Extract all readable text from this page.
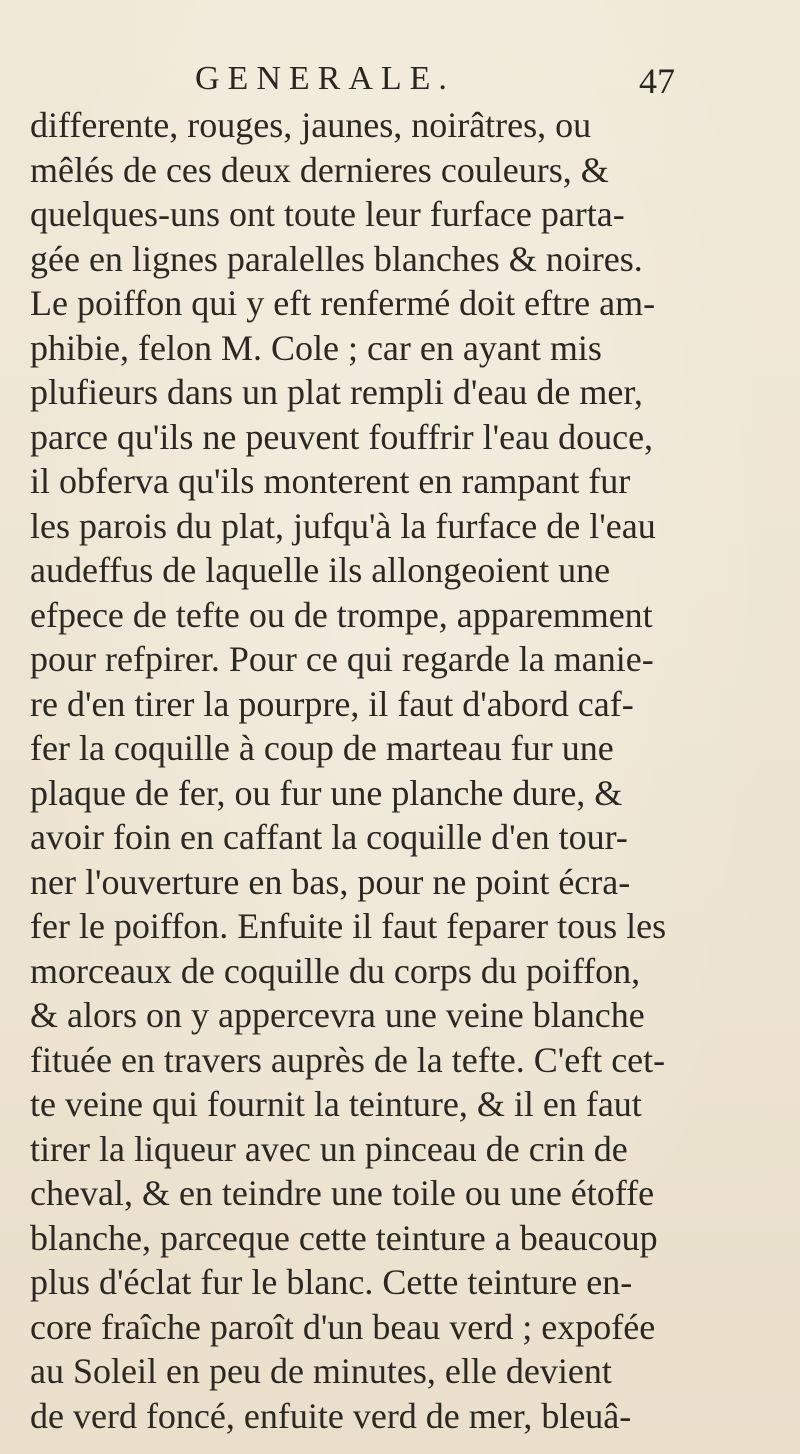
GENERALE.	47
differente, rouges, jaunes, noirâtres, ou
mêlés de ces deux dernieres couleurs, &
quelques-uns ont toute leur furface parta-
gée en lignes paralelles blanches & noires.
Le poiffon qui y eft renfermé doit eftre am-
phibie, felon M. Cole ; car en ayant mis
plufieurs dans un plat rempli d'eau de mer,
parce qu'ils ne peuvent fouffrir l'eau douce,
il obferva qu'ils monterent en rampant fur
les parois du plat, jufqu'à la furface de l'eau
audeffus de laquelle ils allongeoient une
efpece de tefte ou de trompe, apparemment
pour refpirer. Pour ce qui regarde la manie-
re d'en tirer la pourpre, il faut d'abord caf-
fer la coquille à coup de marteau fur une
plaque de fer, ou fur une planche dure, &
avoir foin en caffant la coquille d'en tour-
ner l'ouverture en bas, pour ne point écra-
fer le poiffon. Enfuite il faut feparer tous les
morceaux de coquille du corps du poiffon,
& alors on y appercevra une veine blanche
fituée en travers auprès de la tefte. C'eft cet-
te veine qui fournit la teinture, & il en faut
tirer la liqueur avec un pinceau de crin de
cheval, & en teindre une toile ou une étoffe
blanche, parceque cette teinture a beaucoup
plus d'éclat fur le blanc. Cette teinture en-
core fraîche paroît d'un beau verd ; expofée
au Soleil en peu de minutes, elle devient
de verd foncé, enfuite verd de mer, bleuâ-
